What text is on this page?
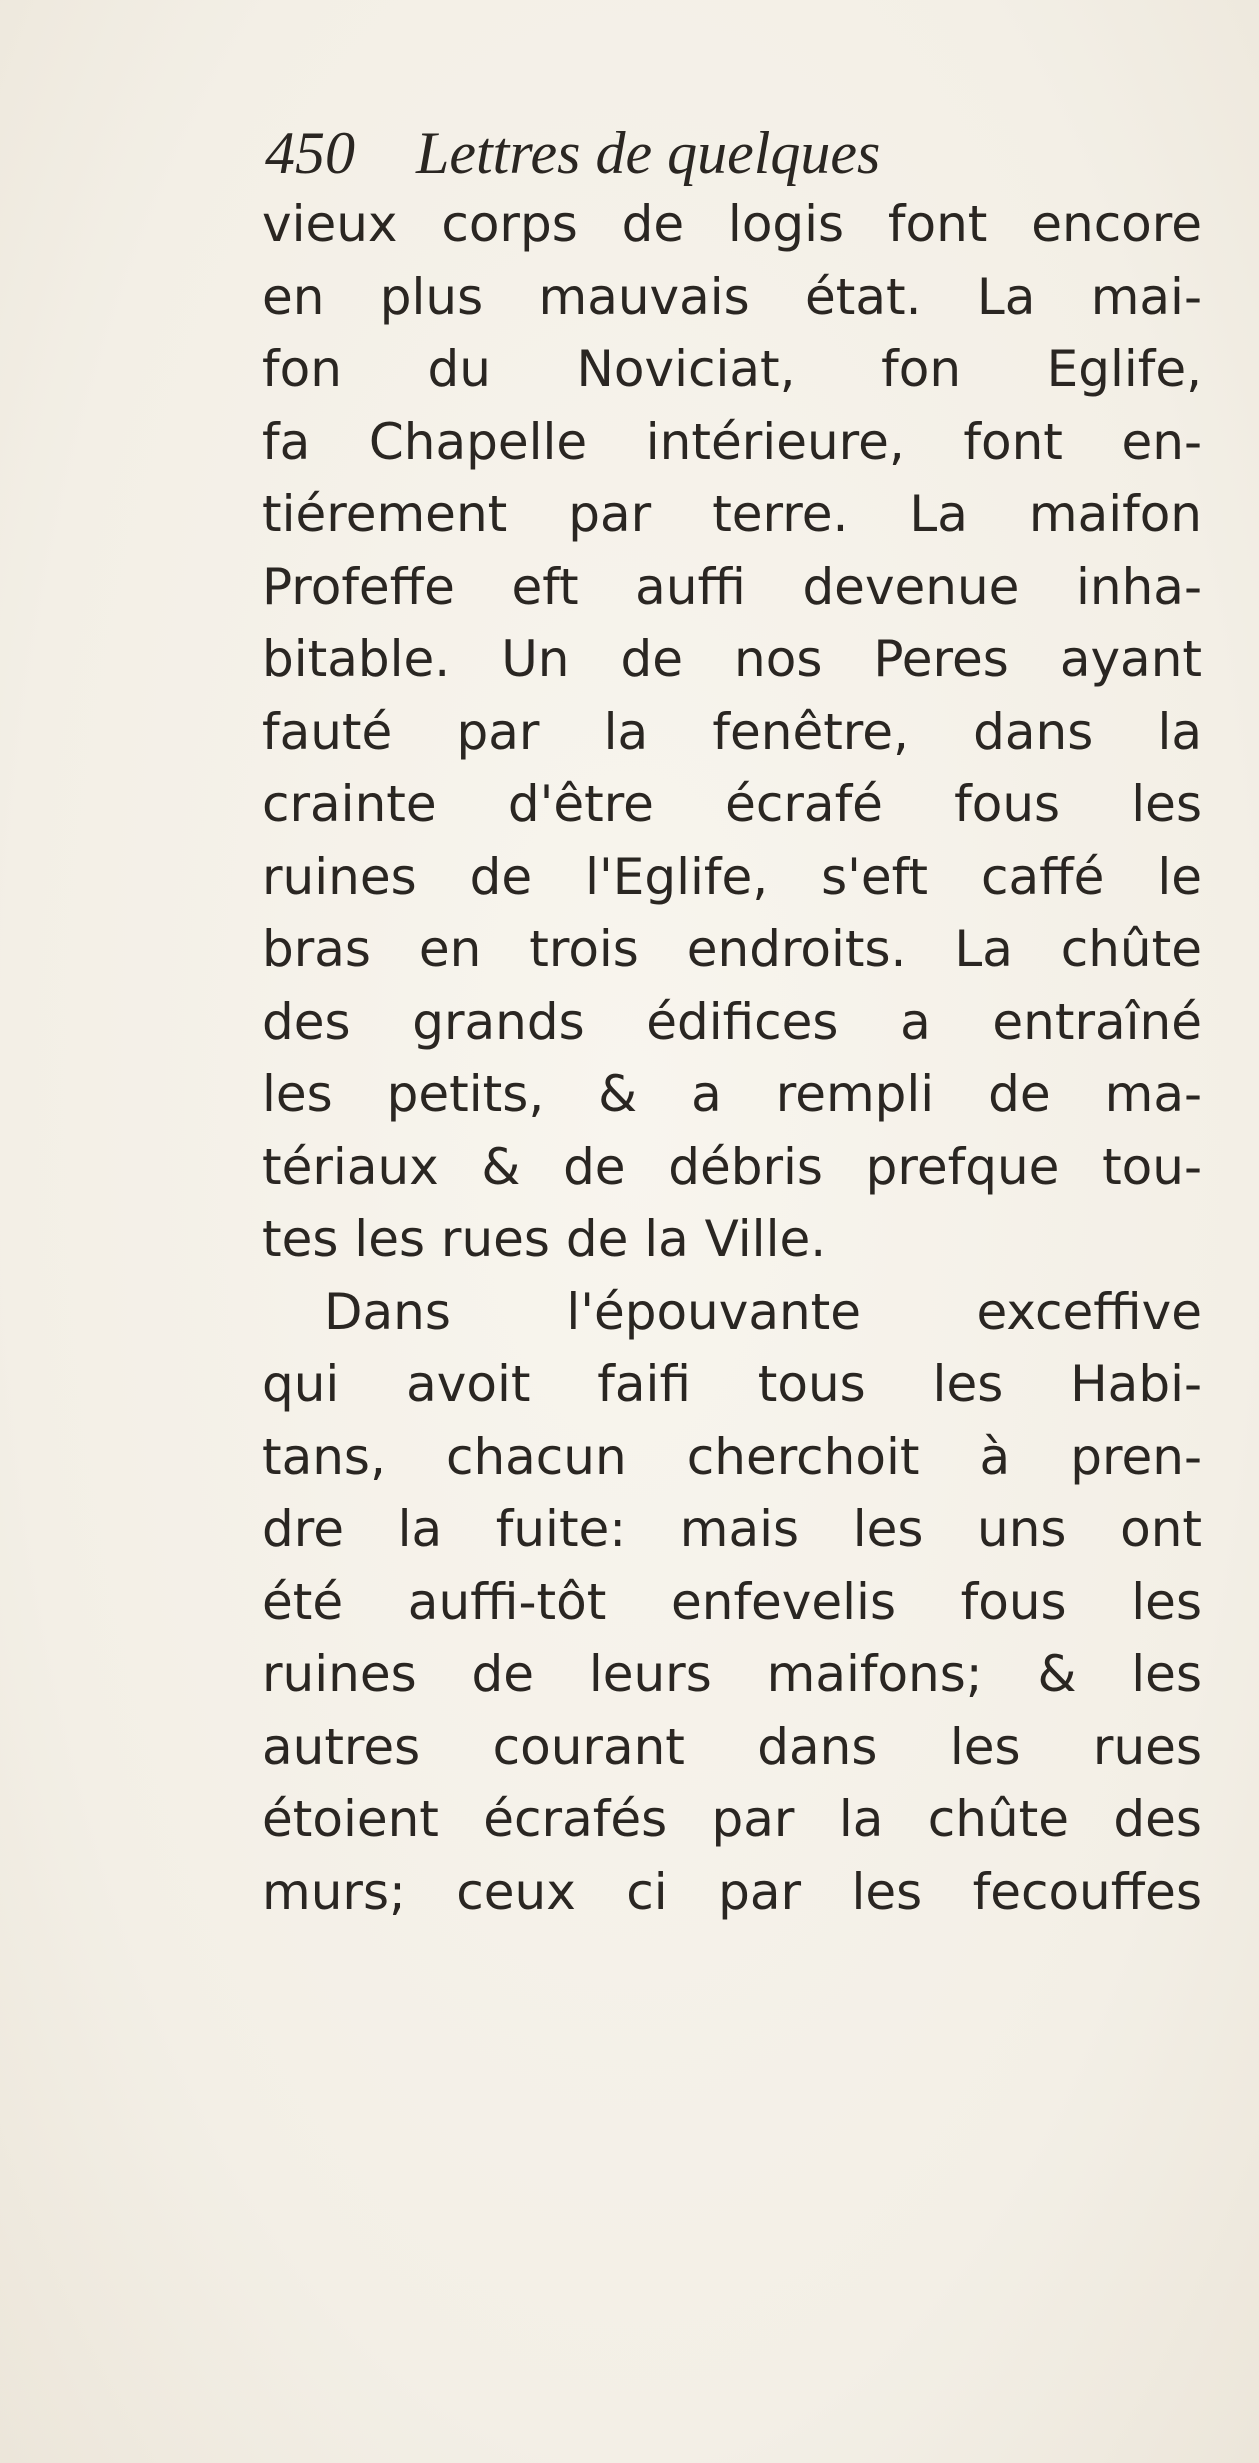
450 Lettres de quelques
vieux corps de logis font encore
en plus mauvais état. La mai-
fon du Noviciat, fon Eglife,
fa Chapelle intérieure, font en-
tiérement par terre. La maifon
Profeffe eft auffi devenue inha-
bitable. Un de nos Peres ayant
fauté par la fenêtre, dans la
crainte d'être écrafé fous les
ruines de l'Eglife, s'eft caffé le
bras en trois endroits. La chûte
des grands édifices a entraîné
les petits, & a rempli de ma-
tériaux & de débris prefque tou-
tes les rues de la Ville.
Dans l'épouvante exceffive
qui avoit faifi tous les Habi-
tans, chacun cherchoit à pren-
dre la fuite: mais les uns ont
été auffi-tôt enfevelis fous les
ruines de leurs maifons; & les
autres courant dans les rues
étoient écrafés par la chûte des
murs; ceux ci par les fecouffes
